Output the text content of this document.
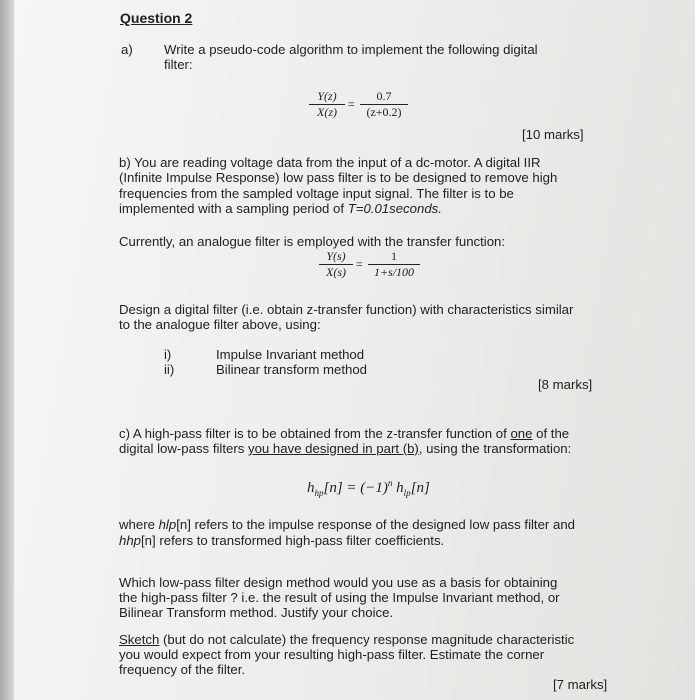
Question 2
a) Write a pseudo-code algorithm to implement the following digital
filter:
$\frac{Y(z)}{X(z)} = \frac{0.7}{(z+0.2)}$
[10 marks]
b) You are reading voltage data from the input of a dc-motor. A digital IIR
(Infinite Impulse Response) low pass filter is to be designed to remove high
frequencies from the sampled voltage input signal. The filter is to be
implemented with a sampling period of T=0.01seconds.
Currently, an analogue filter is employed with the transfer function:
$\frac{Y(s)}{X(s)} = \frac{1}{1+s/100}$
Design a digital filter (i.e. obtain z-transfer function) with characteristics similar
to the analogue filter above, using:
i)	Impulse Invariant method
ii)	Bilinear transform method
[8 marks]
c) A high-pass filter is to be obtained from the z-transfer function of one of the
digital low-pass filters you have designed in part (b), using the transformation:
$h_{hp}[n] = (-1)^n$ $h_{lp}[n]$
where hlp[n] refers to the impulse response of the designed low pass filter and
hhp[n] refers to transformed high-pass filter coefficients.
Which low-pass filter design method would you use as a basis for obtaining
the high-pass filter ? i.e. the result of using the Impulse Invariant method, or
Bilinear Transform method. Justify your choice.
Sketch (but do not calculate) the frequency response magnitude characteristic
you would expect from your resulting high-pass filter. Estimate the corner
frequency of the filter.
[7 marks]
